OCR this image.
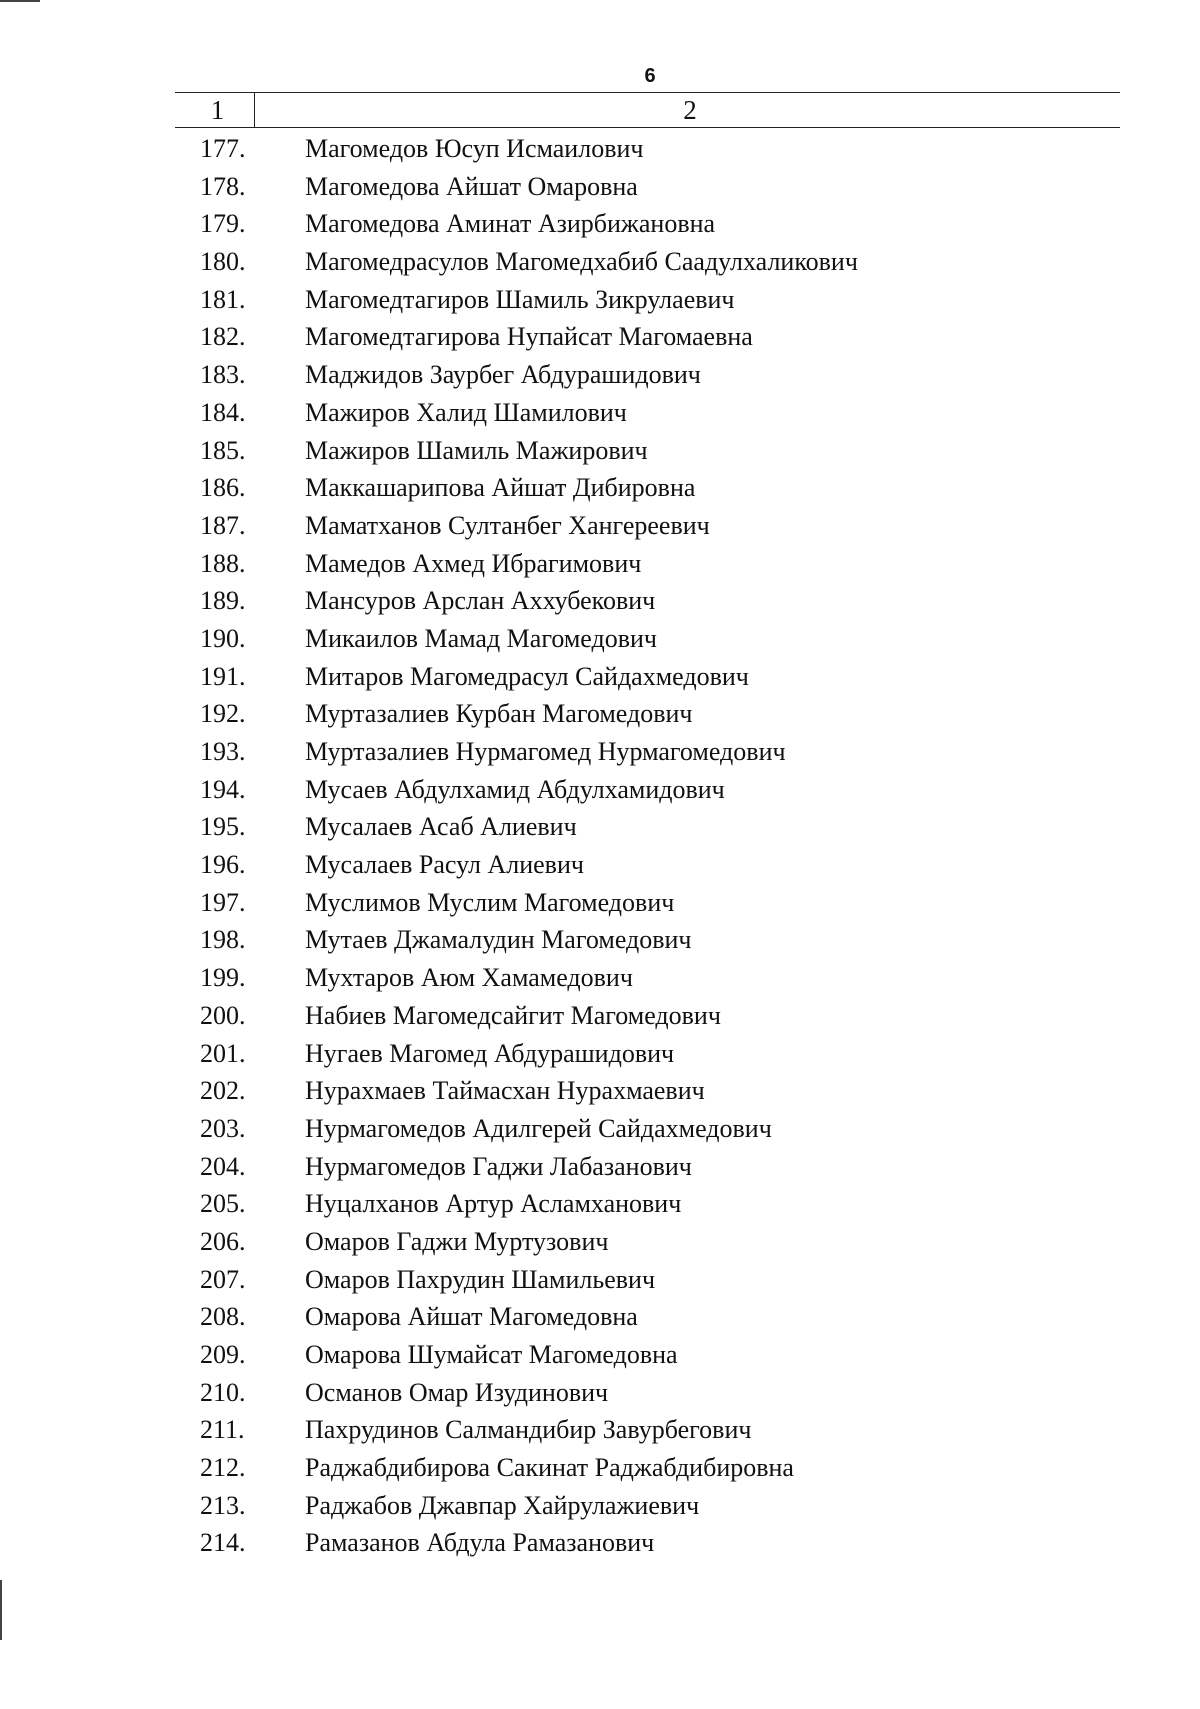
6
1	2
177.	Магомедов Юсуп Исмаилович
178.	Магомедова Айшат Омаровна
179.	Магомедова Аминат Азирбижановна
180.	Магомедрасулов Магомедхабиб Саадулхаликович
181.	Магомедтагиров Шамиль Зикрулаевич
182.	Магомедтагирова Нупайсат Магомаевна
183.	Маджидов Заурбег Абдурашидович
184.	Мажиров Халид Шамилович
185.	Мажиров Шамиль Мажирович
186.	Маккашарипова Айшат Дибировна
187.	Маматханов Султанбег Хангереевич
188.	Мамедов Ахмед Ибрагимович
189.	Мансуров Арслан Аххубекович
190.	Микаилов Мамад Магомедович
191.	Митаров Магомедрасул Сайдахмедович
192.	Муртазалиев Курбан Магомедович
193.	Муртазалиев Нурмагомед Нурмагомедович
194.	Мусаев Абдулхамид Абдулхамидович
195.	Мусалаев Асаб Алиевич
196.	Мусалаев Расул Алиевич
197.	Муслимов Муслим Магомедович
198.	Мутаев Джамалудин Магомедович
199.	Мухтаров Аюм Хамамедович
200.	Набиев Магомедсайгит Магомедович
201.	Нугаев Магомед Абдурашидович
202.	Нурахмаев Таймасхан Нурахмаевич
203.	Нурмагомедов Адилгерей Сайдахмедович
204.	Нурмагомедов Гаджи Лабазанович
205.	Нуцалханов Артур Асламханович
206.	Омаров Гаджи Муртузович
207.	Омаров Пахрудин Шамильевич
208.	Омарова Айшат Магомедовна
209.	Омарова Шумайсат Магомедовна
210.	Османов Омар Изудинович
211.	Пахрудинов Салмандибир Завурбегович
212.	Раджабдибирова Сакинат Раджабдибировна
213.	Раджабов Джавпар Хайрулажиевич
214.	Рамазанов Абдула Рамазанович
